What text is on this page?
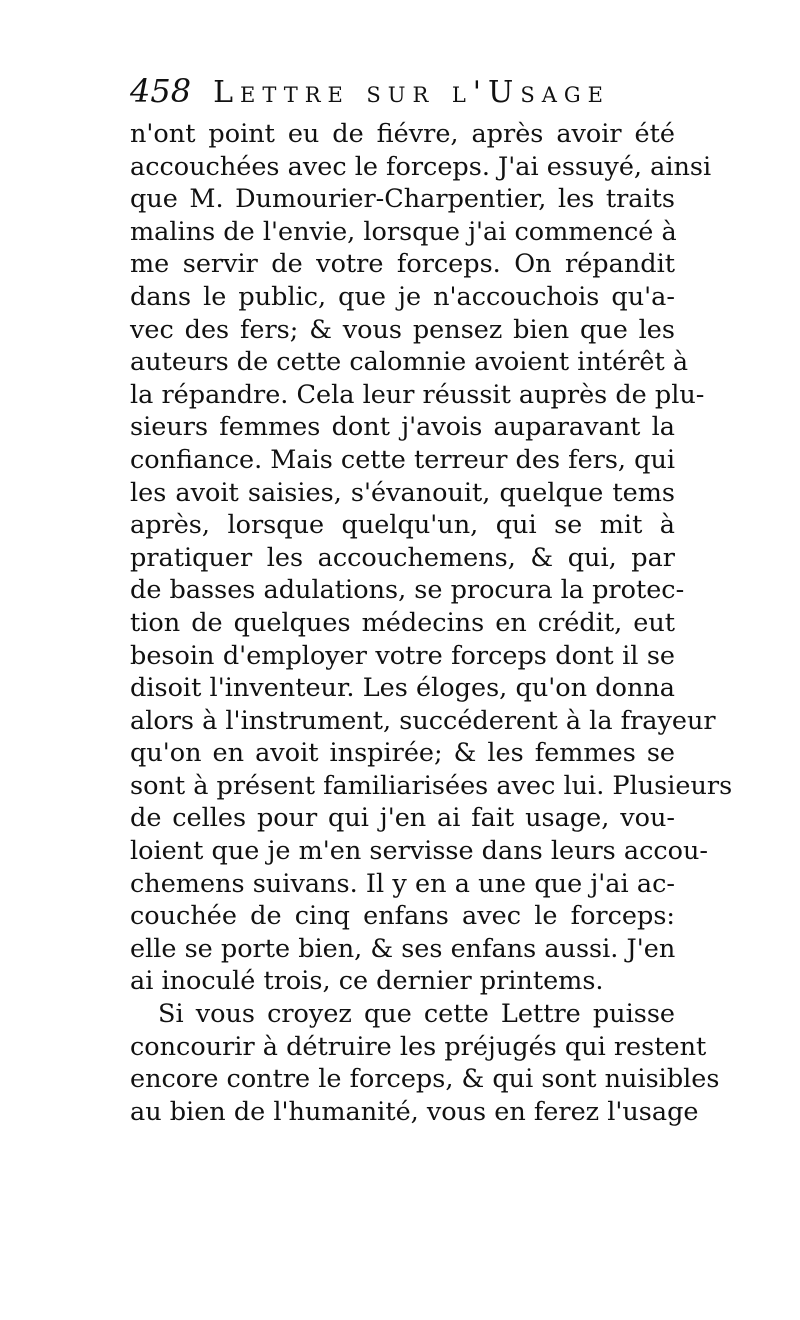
458 Lettre sur l'Usage
n'ont point eu de fiévre, après avoir été
accouchées avec le forceps. J'ai essuyé, ainsi
que M. Dumourier-Charpentier, les traits
malins de l'envie, lorsque j'ai commencé à
me servir de votre forceps. On répandit
dans le public, que je n'accouchois qu'a-
vec des fers; & vous pensez bien que les
auteurs de cette calomnie avoient intérêt à
la répandre. Cela leur réussit auprès de plu-
sieurs femmes dont j'avois auparavant la
confiance. Mais cette terreur des fers, qui
les avoit saisies, s'évanouit, quelque tems
après, lorsque quelqu'un, qui se mit à
pratiquer les accouchemens, & qui, par
de basses adulations, se procura la protec-
tion de quelques médecins en crédit, eut
besoin d'employer votre forceps dont il se
disoit l'inventeur. Les éloges, qu'on donna
alors à l'instrument, succéderent à la frayeur
qu'on en avoit inspirée; & les femmes se
sont à présent familiarisées avec lui. Plusieurs
de celles pour qui j'en ai fait usage, vou-
loient que je m'en servisse dans leurs accou-
chemens suivans. Il y en a une que j'ai ac-
couchée de cinq enfans avec le forceps:
elle se porte bien, & ses enfans aussi. J'en
ai inoculé trois, ce dernier printems.
Si vous croyez que cette Lettre puisse
concourir à détruire les préjugés qui restent
encore contre le forceps, & qui sont nuisibles
au bien de l'humanité, vous en ferez l'usage
